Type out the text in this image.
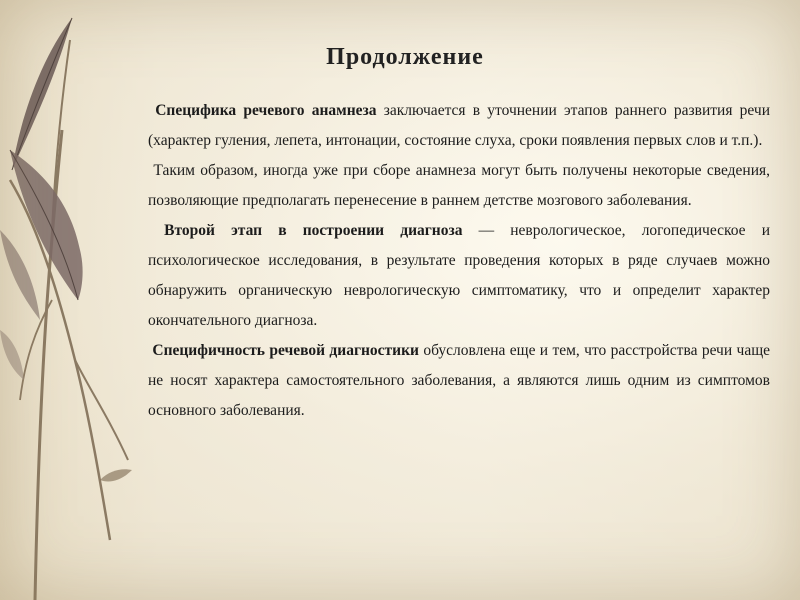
Продолжение

Специфика речевого анамнеза заключается в уточнении этапов раннего развития речи (характер гуления, лепета, интонации, состояние слуха, сроки появления первых слов и т.п.).

Таким образом, иногда уже при сборе анамнеза могут быть получены некоторые сведения, позволяющие предполагать перенесение в раннем детстве мозгового заболевания.

Второй этап в построении диагноза — неврологическое, логопедическое и психологическое исследования, в результате проведения которых в ряде случаев можно обнаружить органическую неврологическую симптоматику, что и определит характер окончательного диагноза.

Специфичность речевой диагностики обусловлена еще и тем, что расстройства речи чаще не носят характера самостоятельного заболевания, а являются лишь одним из симптомов основного заболевания.
